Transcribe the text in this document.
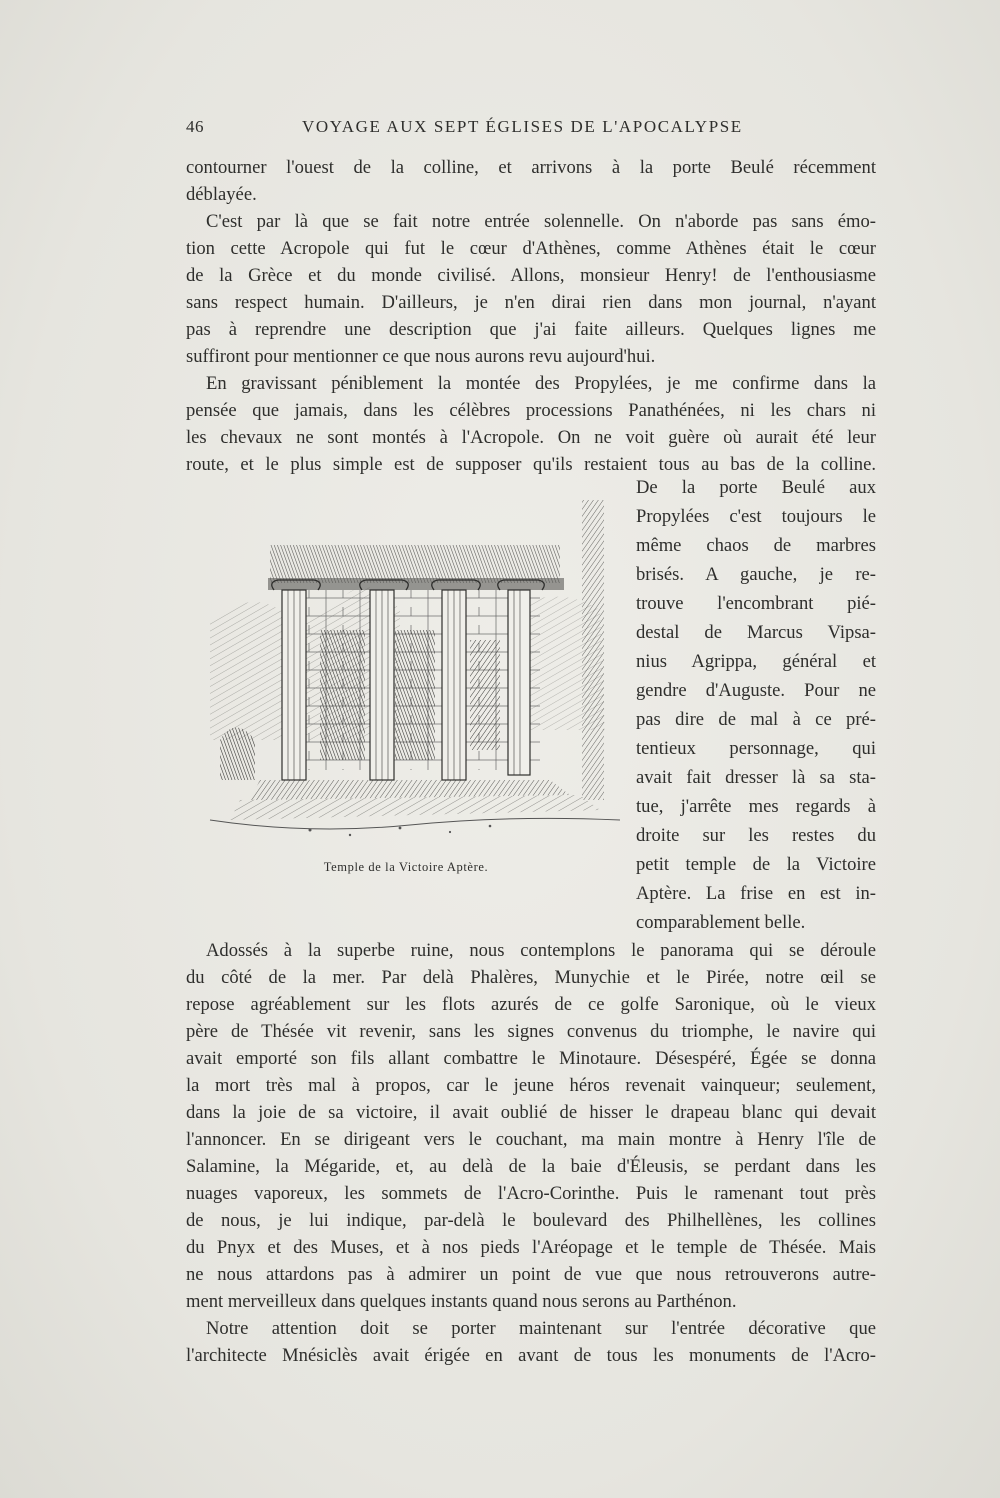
46	VOYAGE AUX SEPT ÉGLISES DE L'APOCALYPSE
contourner l'ouest de la colline, et arrivons à la porte Beulé récemment
déblayée.
C'est par là que se fait notre entrée solennelle. On n'aborde pas sans émo-
tion cette Acropole qui fut le cœur d'Athènes, comme Athènes était le cœur
de la Grèce et du monde civilisé. Allons, monsieur Henry! de l'enthousiasme
sans respect humain. D'ailleurs, je n'en dirai rien dans mon journal, n'ayant
pas à reprendre une description que j'ai faite ailleurs. Quelques lignes me
suffiront pour mentionner ce que nous aurons revu aujourd'hui.
En gravissant péniblement la montée des Propylées, je me confirme dans la
pensée que jamais, dans les célèbres processions Panathénées, ni les chars ni
les chevaux ne sont montés à l'Acropole. On ne voit guère où aurait été leur
route, et le plus simple est de supposer qu'ils restaient tous au bas de la colline.
Temple de la Victoire Aptère.
De la porte Beulé aux
Propylées c'est toujours le
même chaos de marbres
brisés. A gauche, je re-
trouve l'encombrant pié-
destal de Marcus Vipsa-
nius Agrippa, général et
gendre d'Auguste. Pour ne
pas dire de mal à ce pré-
tentieux personnage, qui
avait fait dresser là sa sta-
tue, j'arrête mes regards à
droite sur les restes du
petit temple de la Victoire
Aptère. La frise en est in-
comparablement belle.
Adossés à la superbe ruine, nous contemplons le panorama qui se déroule
du côté de la mer. Par delà Phalères, Munychie et le Pirée, notre œil se
repose agréablement sur les flots azurés de ce golfe Saronique, où le vieux
père de Thésée vit revenir, sans les signes convenus du triomphe, le navire qui
avait emporté son fils allant combattre le Minotaure. Désespéré, Égée se donna
la mort très mal à propos, car le jeune héros revenait vainqueur; seulement,
dans la joie de sa victoire, il avait oublié de hisser le drapeau blanc qui devait
l'annoncer. En se dirigeant vers le couchant, ma main montre à Henry l'île de
Salamine, la Mégaride, et, au delà de la baie d'Éleusis, se perdant dans les
nuages vaporeux, les sommets de l'Acro-Corinthe. Puis le ramenant tout près
de nous, je lui indique, par-delà le boulevard des Philhellènes, les collines
du Pnyx et des Muses, et à nos pieds l'Aréopage et le temple de Thésée. Mais
ne nous attardons pas à admirer un point de vue que nous retrouverons autre-
ment merveilleux dans quelques instants quand nous serons au Parthénon.
Notre attention doit se porter maintenant sur l'entrée décorative que
l'architecte Mnésiclès avait érigée en avant de tous les monuments de l'Acro-
